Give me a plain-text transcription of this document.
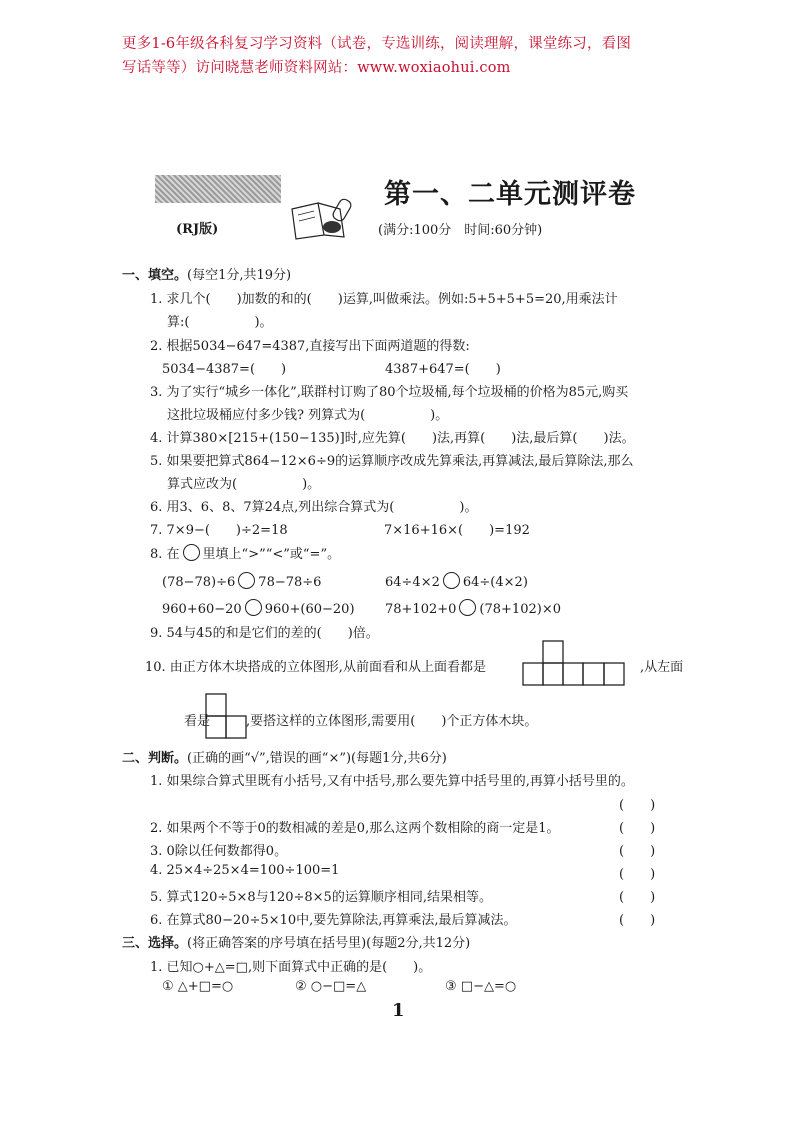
更多1-6年级各科复习学习资料（试卷，专选训练，阅读理解，课堂练习，看图
写话等等）访问晓慧老师资料网站：www.woxiaohui.com
(RJ版)
第一、二单元测评卷
(满分:100分　时间:60分钟)
一、填空。(每空1分,共19分)
1. 求几个(　　)加数的和的(　　)运算,叫做乘法。例如:5+5+5+5=20,用乘法计
算:(　　　　　)。
2. 根据5034−647=4387,直接写出下面两道题的得数:
5034−4387=(　　)	4387+647=(　　)
3. 为了实行“城乡一体化”,联群村订购了80个垃圾桶,每个垃圾桶的价格为85元,购买
这批垃圾桶应付多少钱? 列算式为(　　　　　)。
4. 计算380×[215+(150−135)]时,应先算(　　)法,再算(　　)法,最后算(　　)法。
5. 如果要把算式864−12×6÷9的运算顺序改成先算乘法,再算减法,最后算除法,那么
算式应改为(　　　　　)。
6. 用3、6、8、7算24点,列出综合算式为(　　　　　)。
7. 7×9−(　　)÷2=18	7×16+16×(　　)=192
8. 在 里填上“>”“<”或“=”。
(78−78)÷6 78−78÷6	64÷4×2 64÷(4×2)
960+60−20 960+(60−20) 78+102+0 (78+102)×0
9. 54与45的和是它们的差的(　　)倍。
10. 由正方体木块搭成的立体图形,从前面看和从上面看都是	,从左面
看是	,要搭这样的立体图形,需要用(　　)个正方体木块。
二、判断。(正确的画“√”,错误的画“×”)(每题1分,共6分)
1. 如果综合算式里既有小括号,又有中括号,那么要先算中括号里的,再算小括号里的。
(　　)
2. 如果两个不等于0的数相减的差是0,那么这两个数相除的商一定是1。	(　　)
3. 0除以任何数都得0。	(　　)
4. 25×4÷25×4=100÷100=1	(　　)
5. 算式120÷5×8与120÷8×5的运算顺序相同,结果相等。	(　　)
6. 在算式80−20÷5×10中,要先算除法,再算乘法,最后算减法。	(　　)
三、选择。(将正确答案的序号填在括号里)(每题2分,共12分)
1. 已知○+△=□,则下面算式中正确的是(　　)。
① △+□=○	② ○−□=△	③ □−△=○
1
